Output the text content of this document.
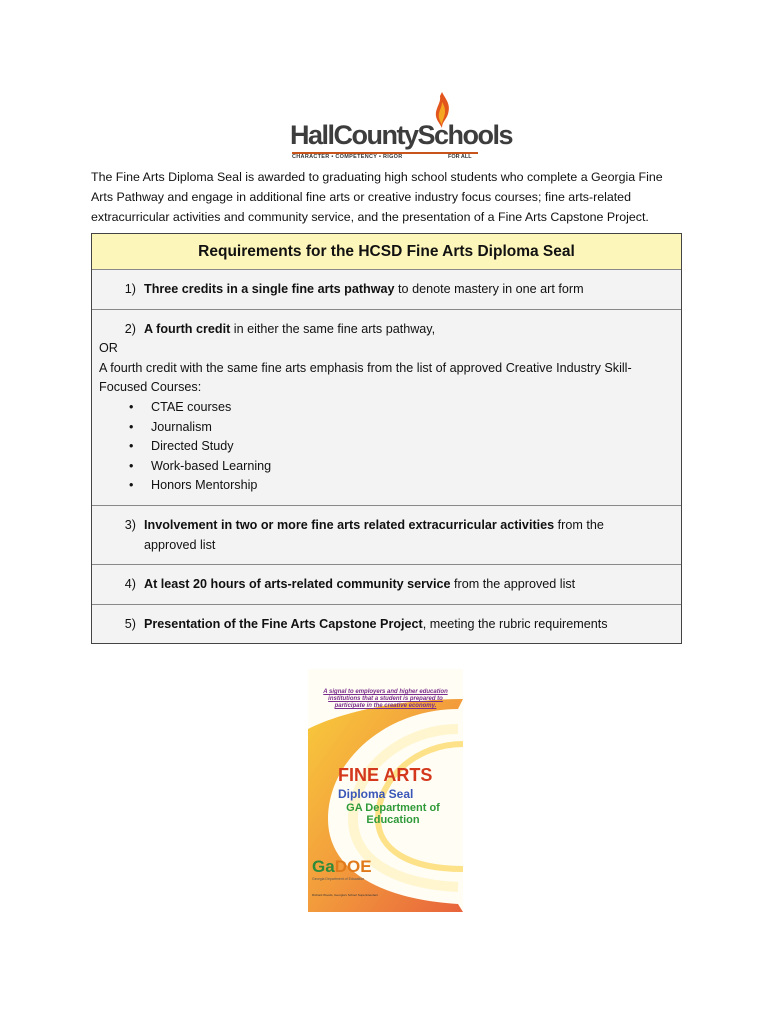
HallCountySchools
CHARACTER • COMPETENCY • RIGOR	FOR ALL
The Fine Arts Diploma Seal is awarded to graduating high school students who complete a Georgia Fine Arts Pathway and engage in additional fine arts or creative industry focus courses; fine arts-related extracurricular activities and community service, and the presentation of a Fine Arts Capstone Project.
Requirements for the HCSD Fine Arts Diploma Seal
1) Three credits in a single fine arts pathway to denote mastery in one art form
2) A fourth credit in either the same fine arts pathway,
OR
A fourth credit with the same fine arts emphasis from the list of approved Creative Industry Skill-Focused Courses:
• CTAE courses
• Journalism
• Directed Study
• Work-based Learning
• Honors Mentorship
3) Involvement in two or more fine arts related extracurricular activities from the approved list
4) At least 20 hours of arts-related community service from the approved list
5) Presentation of the Fine Arts Capstone Project, meeting the rubric requirements
A signal to employers and higher education institutions that a student is prepared to participate in the creative economy.
FINE ARTS
Diploma Seal
GA Department of Education
GaDOE
Georgia Department of Education
Richard Woods, Georgia's School Superintendent
